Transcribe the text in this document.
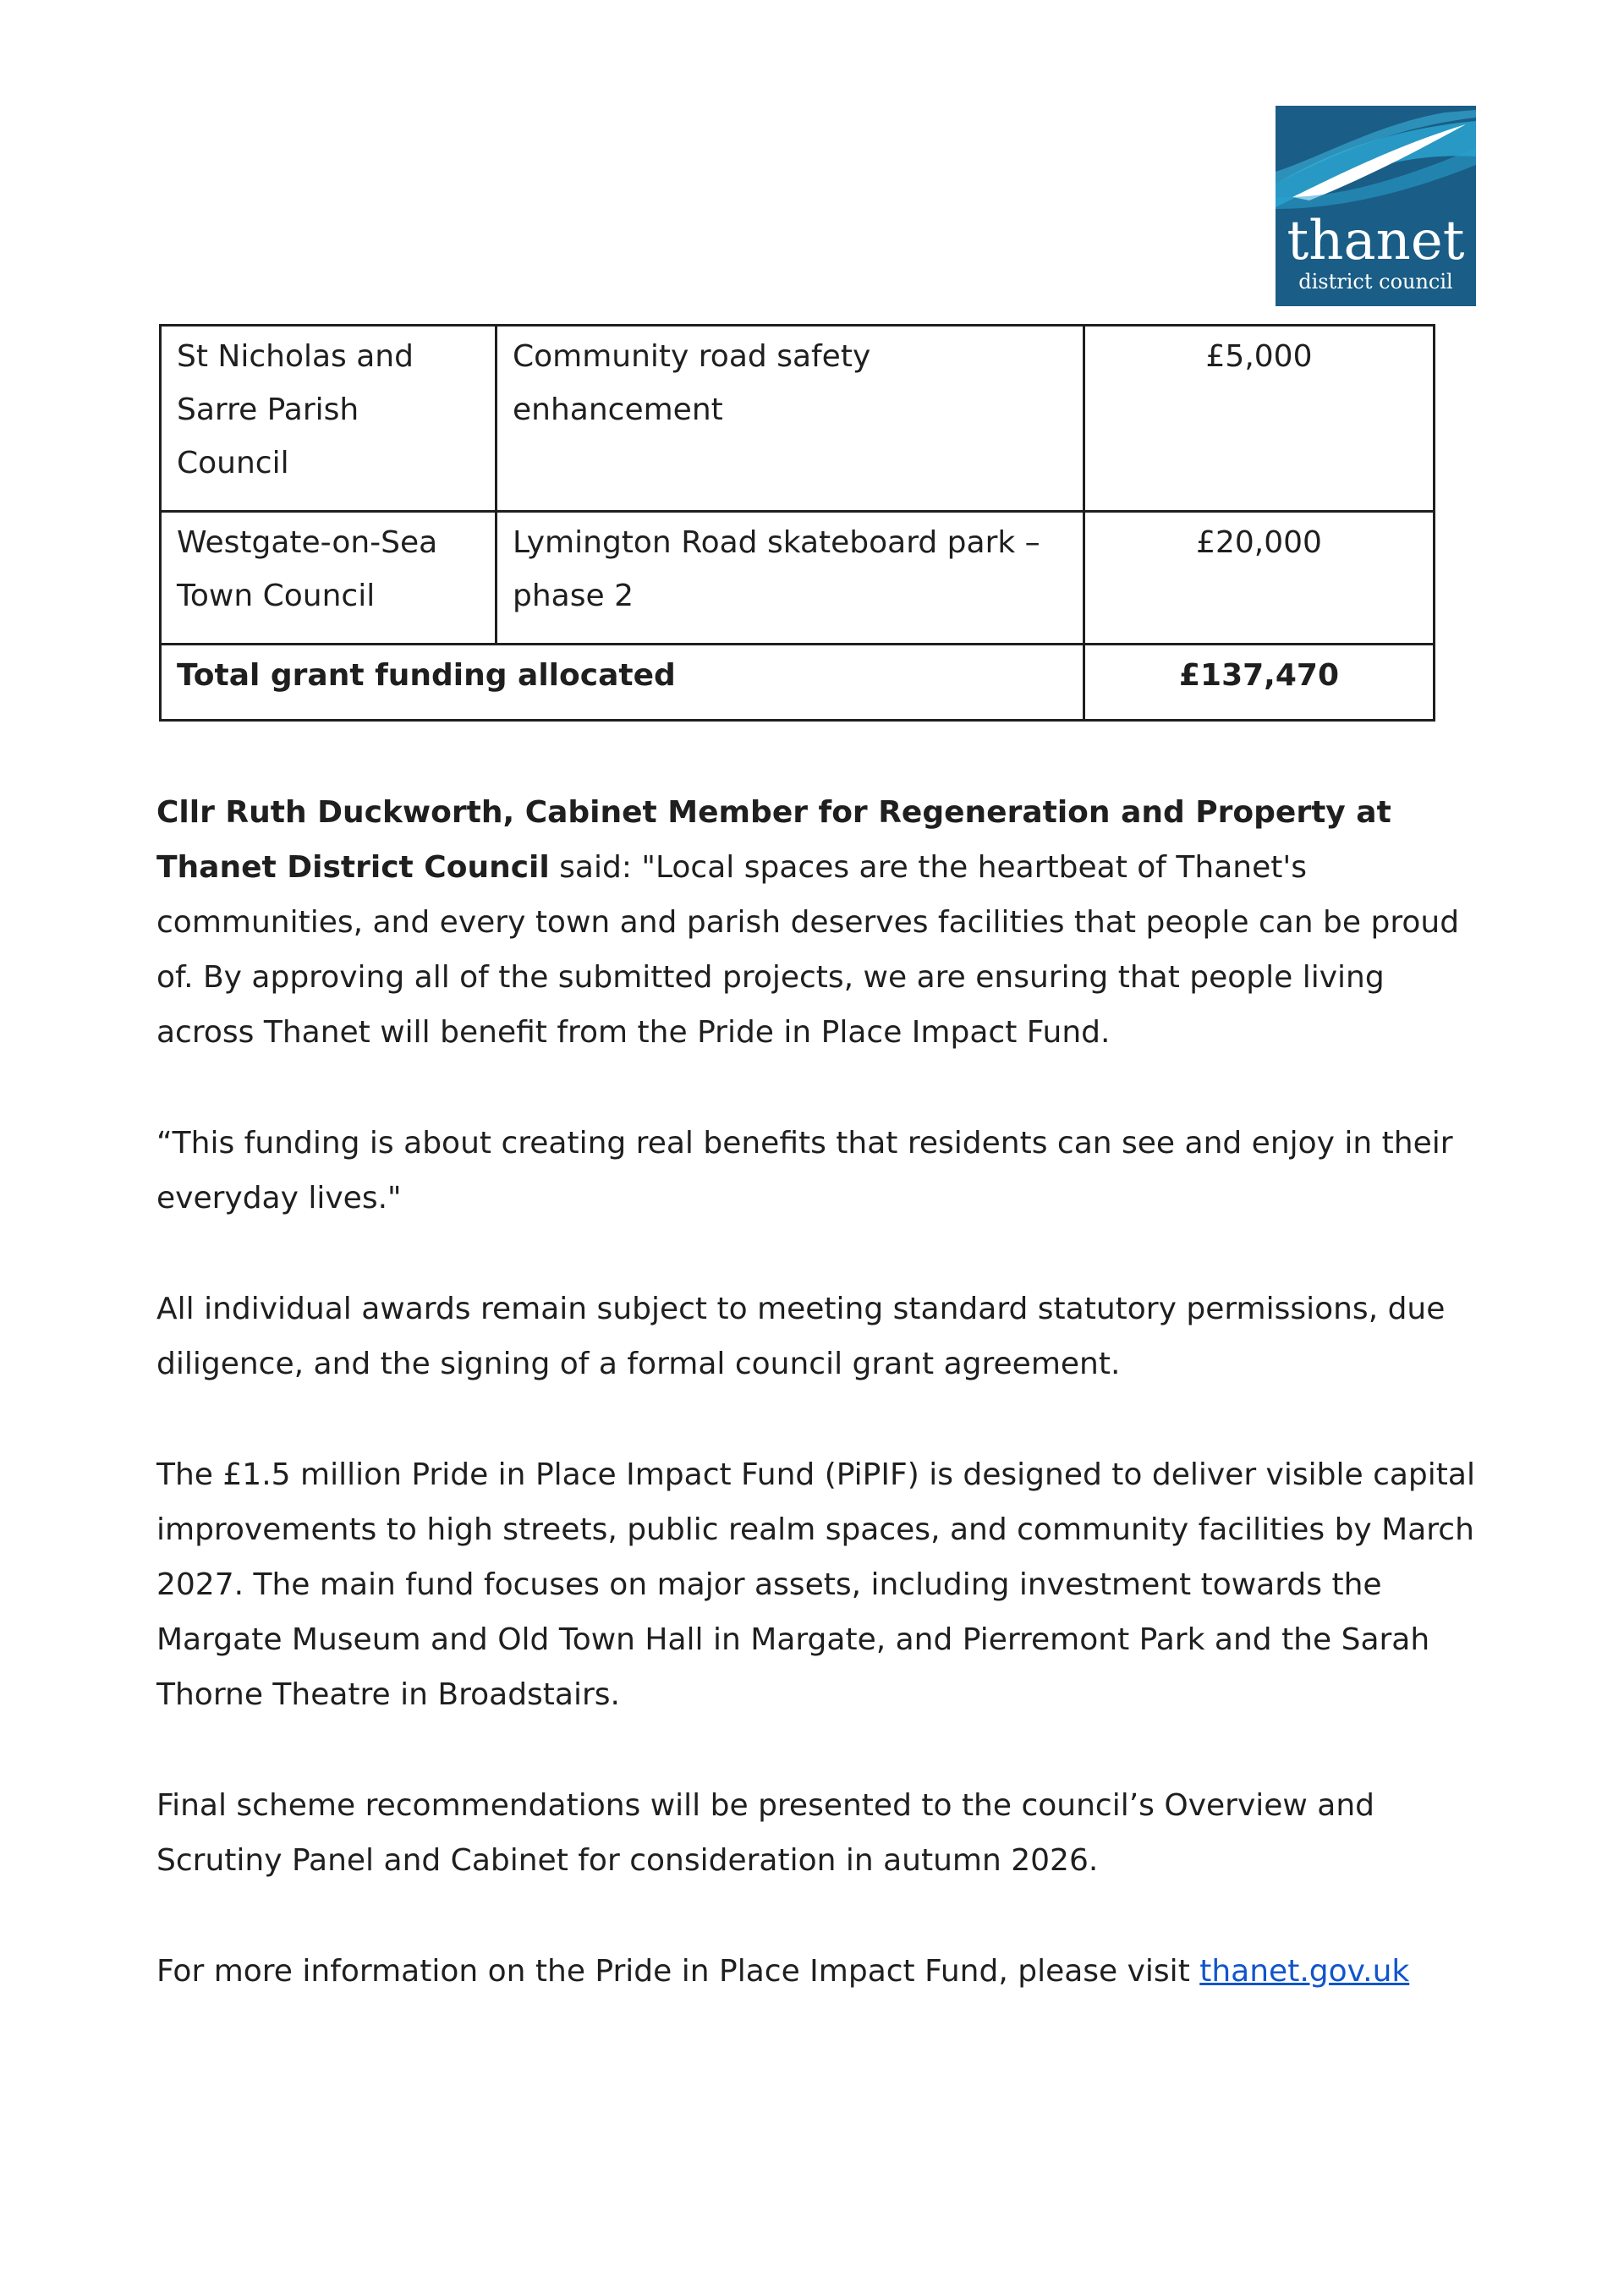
thanet
district council
St Nicholas and Sarre Parish Council	Community road safety enhancement	£5,000
Westgate-on-Sea Town Council	Lymington Road skateboard park – phase 2	£20,000
Total grant funding allocated		£137,470

Cllr Ruth Duckworth, Cabinet Member for Regeneration and Property at Thanet District Council said: "Local spaces are the heartbeat of Thanet's communities, and every town and parish deserves facilities that people can be proud of. By approving all of the submitted projects, we are ensuring that people living across Thanet will benefit from the Pride in Place Impact Fund.

“This funding is about creating real benefits that residents can see and enjoy in their everyday lives."

All individual awards remain subject to meeting standard statutory permissions, due diligence, and the signing of a formal council grant agreement.

The £1.5 million Pride in Place Impact Fund (PiPIF) is designed to deliver visible capital improvements to high streets, public realm spaces, and community facilities by March 2027. The main fund focuses on major assets, including investment towards the Margate Museum and Old Town Hall in Margate, and Pierremont Park and the Sarah Thorne Theatre in Broadstairs.

Final scheme recommendations will be presented to the council’s Overview and Scrutiny Panel and Cabinet for consideration in autumn 2026.

For more information on the Pride in Place Impact Fund, please visit thanet.gov.uk
